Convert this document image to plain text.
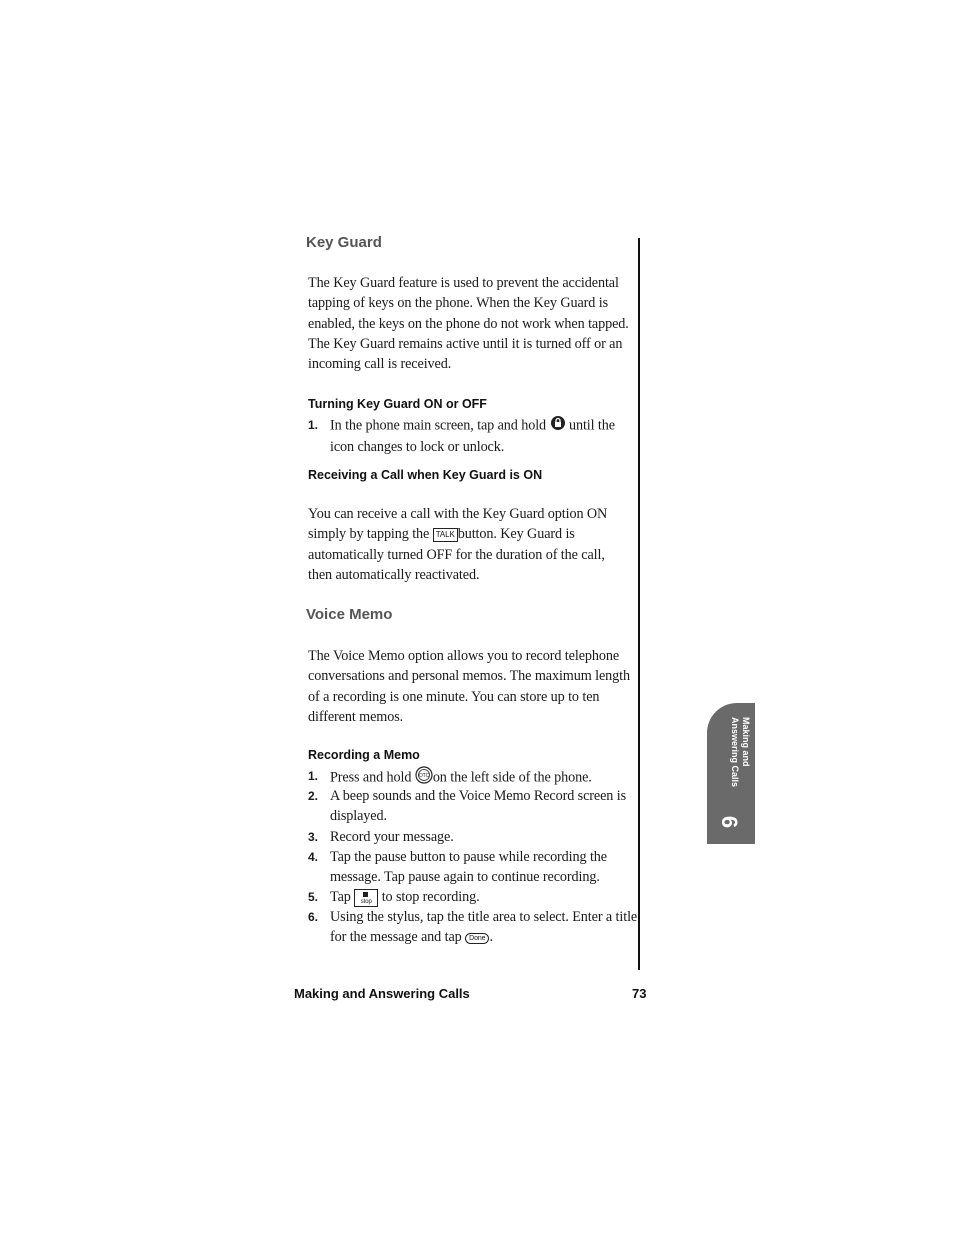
Key Guard
The Key Guard feature is used to prevent the accidental tapping of keys on the phone. When the Key Guard is enabled, the keys on the phone do not work when tapped. The Key Guard remains active until it is turned off or an incoming call is received.
Turning Key Guard ON or OFF
1. In the phone main screen, tap and hold until the icon changes to lock or unlock.
Receiving a Call when Key Guard is ON
You can receive a call with the Key Guard option ON simply by tapping the TALK button. Key Guard is automatically turned OFF for the duration of the call, then automatically reactivated.
Voice Memo
The Voice Memo option allows you to record telephone conversations and personal memos. The maximum length of a recording is one minute. You can store up to ten different memos.
Recording a Memo
1. Press and hold OTC on the left side of the phone.
2. A beep sounds and the Voice Memo Record screen is displayed.
3. Record your message.
4. Tap the pause button to pause while recording the message. Tap pause again to continue recording.
5. Tap	stop to stop recording.
6. Using the stylus, tap the title area to select. Enter a title for the message and tap Done .
Making and
Answering Calls
6
Making and Answering Calls	73
